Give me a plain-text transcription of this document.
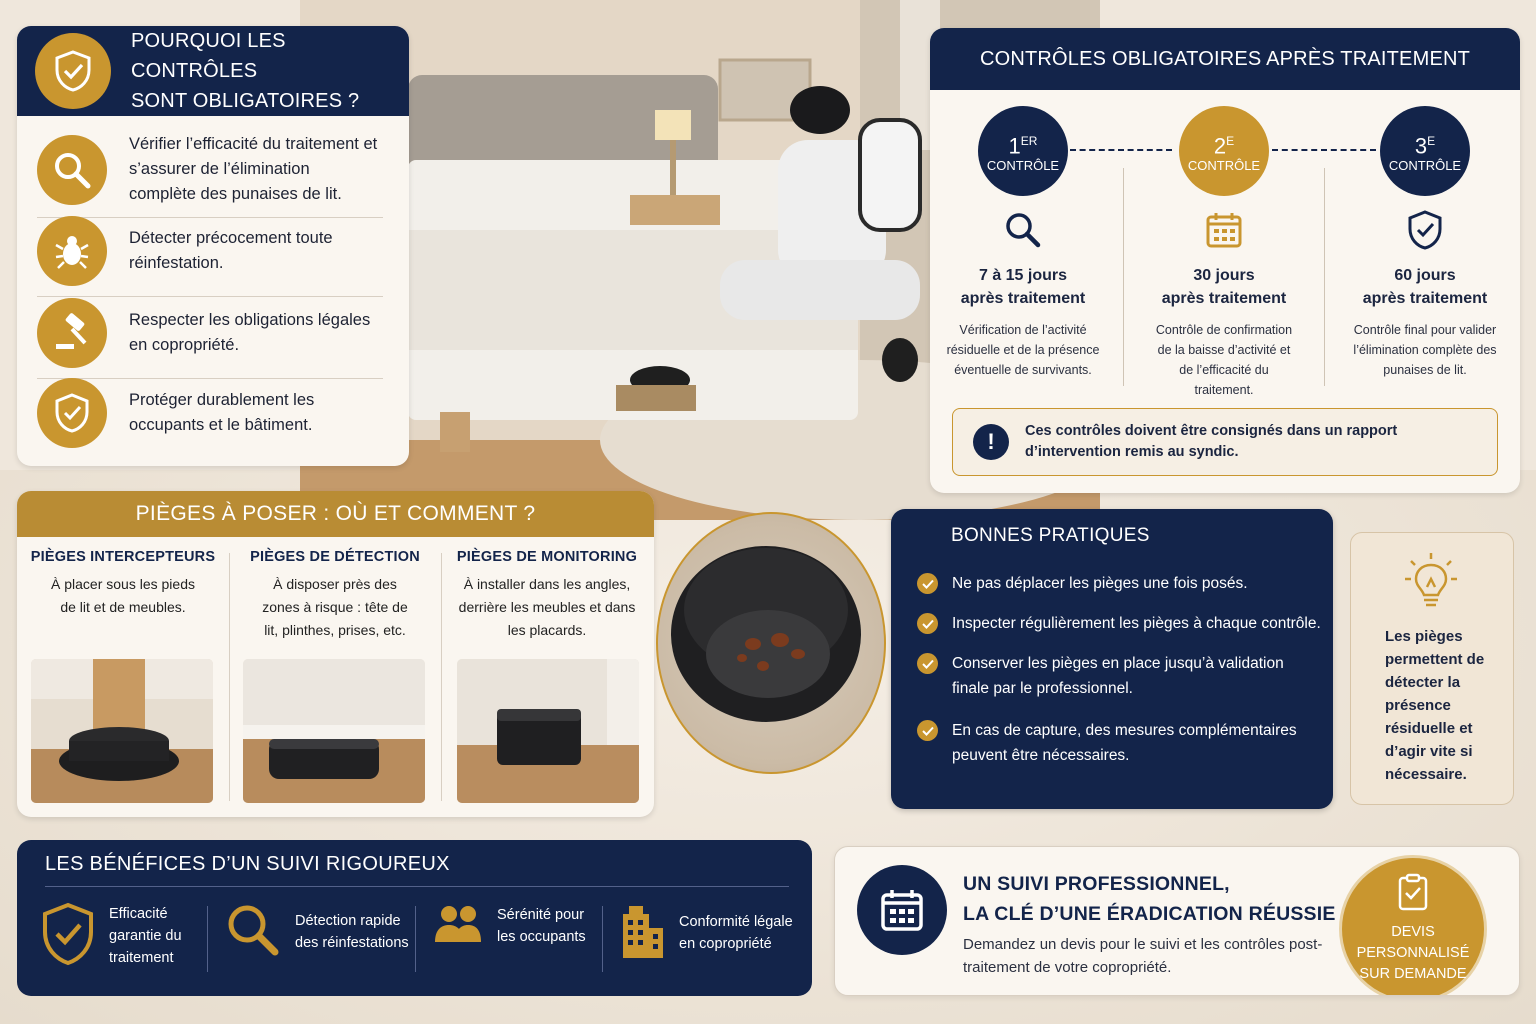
POURQUOI LES CONTRÔLES
SONT OBLIGATOIRES ?

Vérifier l’efficacité du traitement et s’assurer de l’élimination complète des punaises de lit.

Détecter précocement toute réinfestation.

Respecter les obligations légales en copropriété.

Protéger durablement les occupants et le bâtiment.

CONTRÔLES OBLIGATOIRES APRÈS TRAITEMENT
1ER
CONTRÔLE
7 à 15 jours
après traitement
Vérification de l’activité résiduelle et de la présence éventuelle de survivants.
$2^E$
CONTRÔLE
30 jours
après traitement
Contrôle de confirmation de la baisse d’activité et de l’efficacité du traitement.
$3^E$
CONTRÔLE
60 jours
après traitement
Contrôle final pour valider l’élimination complète des punaises de lit.
! Ces contrôles doivent être consignés dans un rapport d’intervention remis au syndic.

PIÈGES À POSER : OÙ ET COMMENT ?
PIÈGES INTERCEPTEURS

À placer sous les pieds de lit et de meubles.

PIÈGES DE DÉTECTION

À disposer près des zones à risque : tête de lit, plinthes, prises, etc.

PIÈGES DE MONITORING

À installer dans les angles, derrière les meubles et dans les placards.

BONNES PRATIQUES

Ne pas déplacer les pièges une fois posés.

Inspecter régulièrement les pièges à chaque contrôle.

Conserver les pièges en place jusqu’à validation finale par le professionnel.

En cas de capture, des mesures complémentaires peuvent être nécessaires.

Les pièges permettent de détecter la présence résiduelle et d’agir vite si nécessaire.

LES BÉNÉFICES D’UN SUIVI RIGOUREUX

Efficacité garantie du traitement

Détection rapide des réinfestations

Sérénité pour les occupants

Conformité légale en copropriété

UN SUIVI PROFESSIONNEL,
LA CLÉ D’UNE ÉRADICATION RÉUSSIE

Demandez un devis pour le suivi et les contrôles post-traitement de votre copropriété.

DEVIS
PERSONNALISÉ
SUR DEMANDE
